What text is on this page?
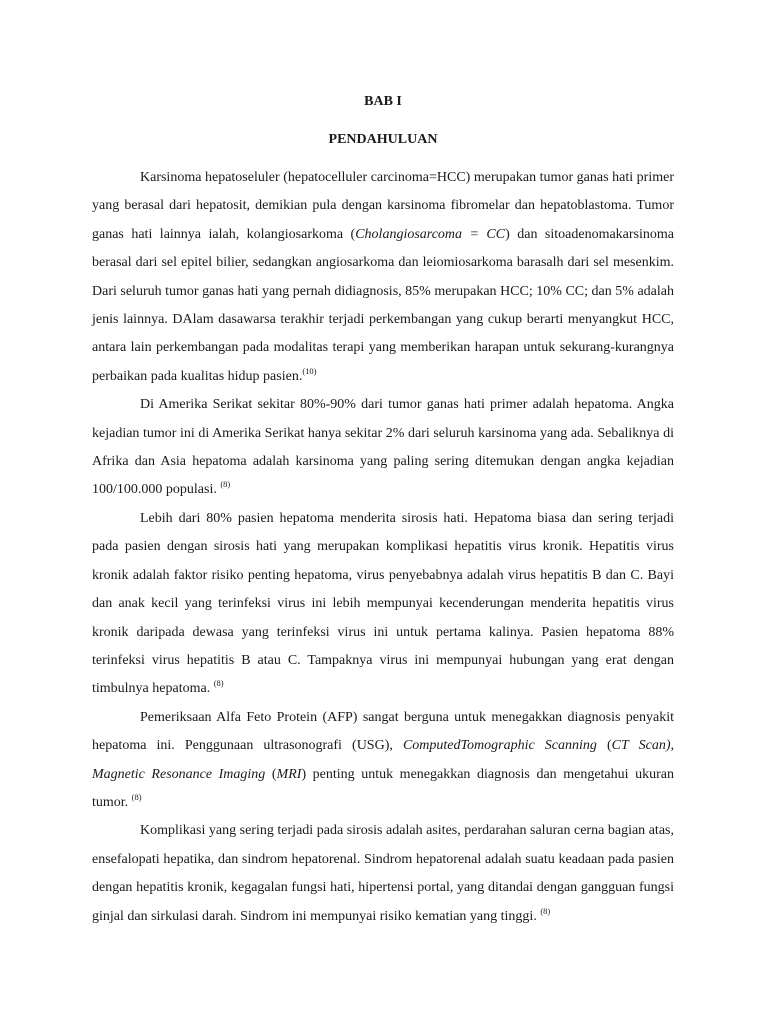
BAB I
PENDAHULUAN

Karsinoma hepatoseluler (hepatocelluler carcinoma=HCC) merupakan tumor ganas hati primer yang berasal dari hepatosit, demikian pula dengan karsinoma fibromelar dan hepatoblastoma. Tumor ganas hati lainnya ialah, kolangiosarkoma (Cholangiosarcoma = CC) dan sitoadenomakarsinoma berasal dari sel epitel bilier, sedangkan angiosarkoma dan leiomiosarkoma barasalh dari sel mesenkim. Dari seluruh tumor ganas hati yang pernah didiagnosis, 85% merupakan HCC; 10% CC; dan 5% adalah jenis lainnya. DAlam dasawarsa terakhir terjadi perkembangan yang cukup berarti menyangkut HCC, antara lain perkembangan pada modalitas terapi yang memberikan harapan untuk sekurang-kurangnya perbaikan pada kualitas hidup pasien.$^{(10)}$

Di Amerika Serikat sekitar 80%-90% dari tumor ganas hati primer adalah hepatoma. Angka kejadian tumor ini di Amerika Serikat hanya sekitar 2% dari seluruh karsinoma yang ada. Sebaliknya di Afrika dan Asia hepatoma adalah karsinoma yang paling sering ditemukan dengan angka kejadian 100/100.000 populasi. $^{(8)}$

Lebih dari 80% pasien hepatoma menderita sirosis hati. Hepatoma biasa dan sering terjadi pada pasien dengan sirosis hati yang merupakan komplikasi hepatitis virus kronik. Hepatitis virus kronik adalah faktor risiko penting hepatoma, virus penyebabnya adalah virus hepatitis B dan C. Bayi dan anak kecil yang terinfeksi virus ini lebih mempunyai kecenderungan menderita hepatitis virus kronik daripada dewasa yang terinfeksi virus ini untuk pertama kalinya. Pasien hepatoma 88% terinfeksi virus hepatitis B atau C. Tampaknya virus ini mempunyai hubungan yang erat dengan timbulnya hepatoma. $^{(8)}$

Pemeriksaan Alfa Feto Protein (AFP) sangat berguna untuk menegakkan diagnosis penyakit hepatoma ini. Penggunaan ultrasonografi (USG), ComputedTomographic Scanning (CT Scan), Magnetic Resonance Imaging (MRI) penting untuk menegakkan diagnosis dan mengetahui ukuran tumor. $^{(8)}$

Komplikasi yang sering terjadi pada sirosis adalah asites, perdarahan saluran cerna bagian atas, ensefalopati hepatika, dan sindrom hepatorenal. Sindrom hepatorenal adalah suatu keadaan pada pasien dengan hepatitis kronik, kegagalan fungsi hati, hipertensi portal, yang ditandai dengan gangguan fungsi ginjal dan sirkulasi darah. Sindrom ini mempunyai risiko kematian yang tinggi. $^{(8)}$
